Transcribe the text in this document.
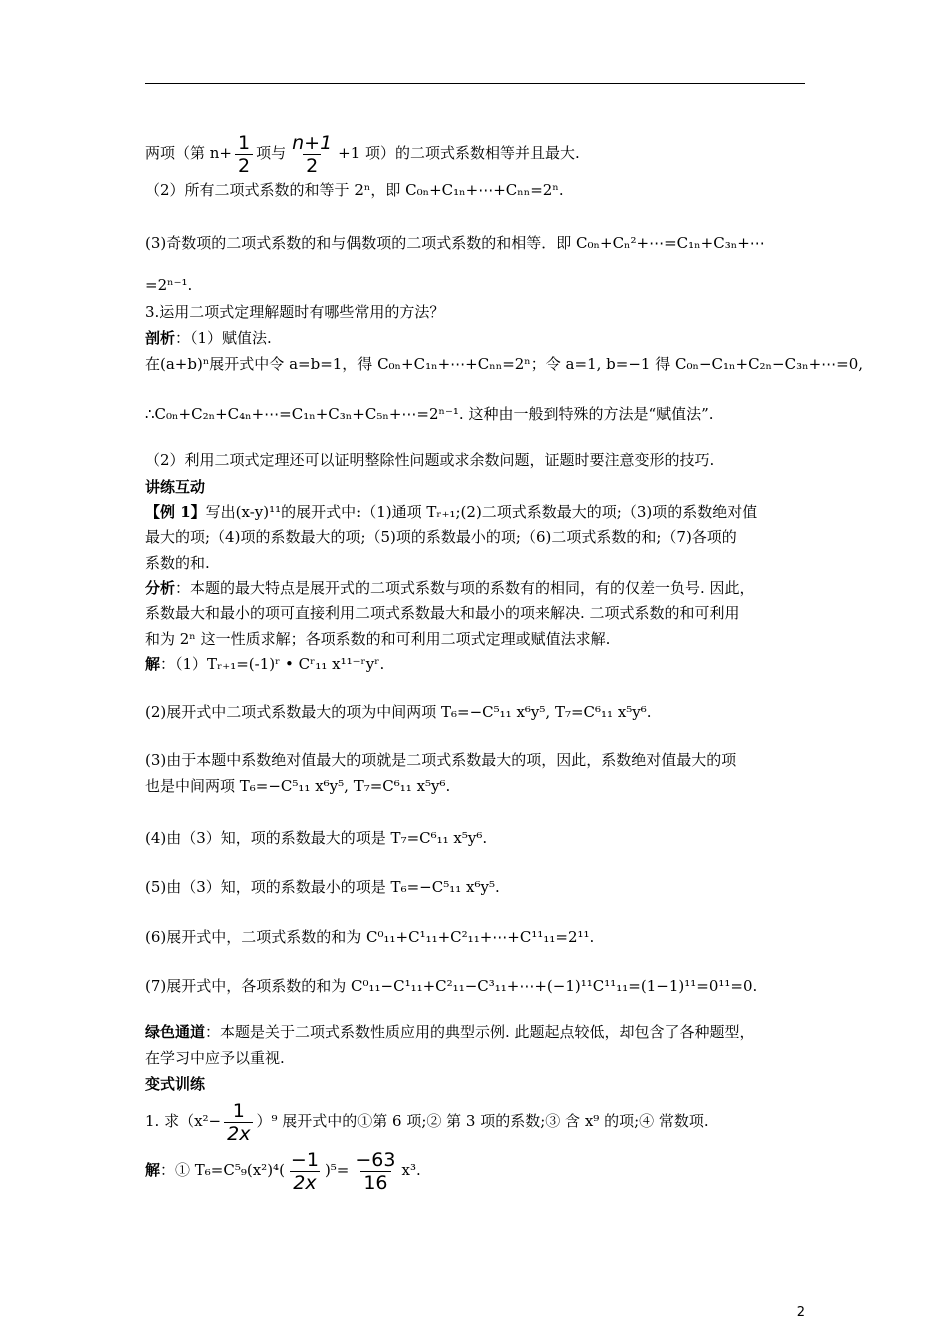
两项（第 $n+ \frac{1}{2}$ 项与 $\frac{n+1}{2} +1$ 项）的二项式系数相等并且最大.
（2）所有二项式系数的和等于 2ⁿ，即 C₀ₙ+C₁ₙ+⋯+Cₙₙ=2ⁿ.
(3)奇数项的二项式系数的和与偶数项的二项式系数的和相等．即 C₀ₙ+Cₙ²+⋯=C₁ₙ+C₃ₙ+⋯
=2ⁿ⁻¹.
3.运用二项式定理解题时有哪些常用的方法？
剖析：（1）赋值法.
在(a+b)ⁿ展开式中令 a=b=1，得 C₀ₙ+C₁ₙ+⋯+Cₙₙ=2ⁿ；令 a=1, b=−1 得 C₀ₙ−C₁ₙ+C₂ₙ−C₃ₙ+⋯=0,
∴C₀ₙ+C₂ₙ+C₄ₙ+⋯=C₁ₙ+C₃ₙ+C₅ₙ+⋯=2ⁿ⁻¹. 这种由一般到特殊的方法是“赋值法”.
（2）利用二项式定理还可以证明整除性问题或求余数问题，证题时要注意变形的技巧.
讲练互动
【例 1】写出(x-y)¹¹的展开式中:（1)通项 Tᵣ₊₁;(2)二项式系数最大的项;（3)项的系数绝对值
最大的项;（4)项的系数最大的项;（5)项的系数最小的项;（6)二项式系数的和;（7)各项的
系数的和.
分析：本题的最大特点是展开式的二项式系数与项的系数有的相同，有的仅差一负号. 因此，
系数最大和最小的项可直接利用二项式系数最大和最小的项来解决. 二项式系数的和可利用
和为 2ⁿ 这一性质求解；各项系数的和可利用二项式定理或赋值法求解.
解：（1）Tᵣ₊₁=(-1)ʳ • Cʳ₁₁ x¹¹⁻ʳyʳ.
(2)展开式中二项式系数最大的项为中间两项 T₆=−C⁵₁₁ x⁶y⁵, T₇=C⁶₁₁ x⁵y⁶.
(3)由于本题中系数绝对值最大的项就是二项式系数最大的项，因此，系数绝对值最大的项
也是中间两项 T₆=−C⁵₁₁ x⁶y⁵, T₇=C⁶₁₁ x⁵y⁶.
(4)由（3）知，项的系数最大的项是 T₇=C⁶₁₁ x⁵y⁶.
(5)由（3）知，项的系数最小的项是 T₆=−C⁵₁₁ x⁶y⁵.
(6)展开式中，二项式系数的和为 C⁰₁₁+C¹₁₁+C²₁₁+⋯+C¹¹₁₁=2¹¹.
(7)展开式中，各项系数的和为 C⁰₁₁−C¹₁₁+C²₁₁−C³₁₁+⋯+(−1)¹¹C¹¹₁₁=(1−1)¹¹=0¹¹=0.
绿色通道：本题是关于二项式系数性质应用的典型示例. 此题起点较低，却包含了各种题型，
在学习中应予以重视.
变式训练
1. 求$(x^2- \frac{1}{2x} )^9$ 展开式中的①第 6 项;② 第 3 项的系数;③ 含 x⁹ 的项;④ 常数项.
解：① $T_6=C^5_9(x^2)^4( \frac{-1}{2x} )^5= \frac{-63}{16} x^3$.
2
